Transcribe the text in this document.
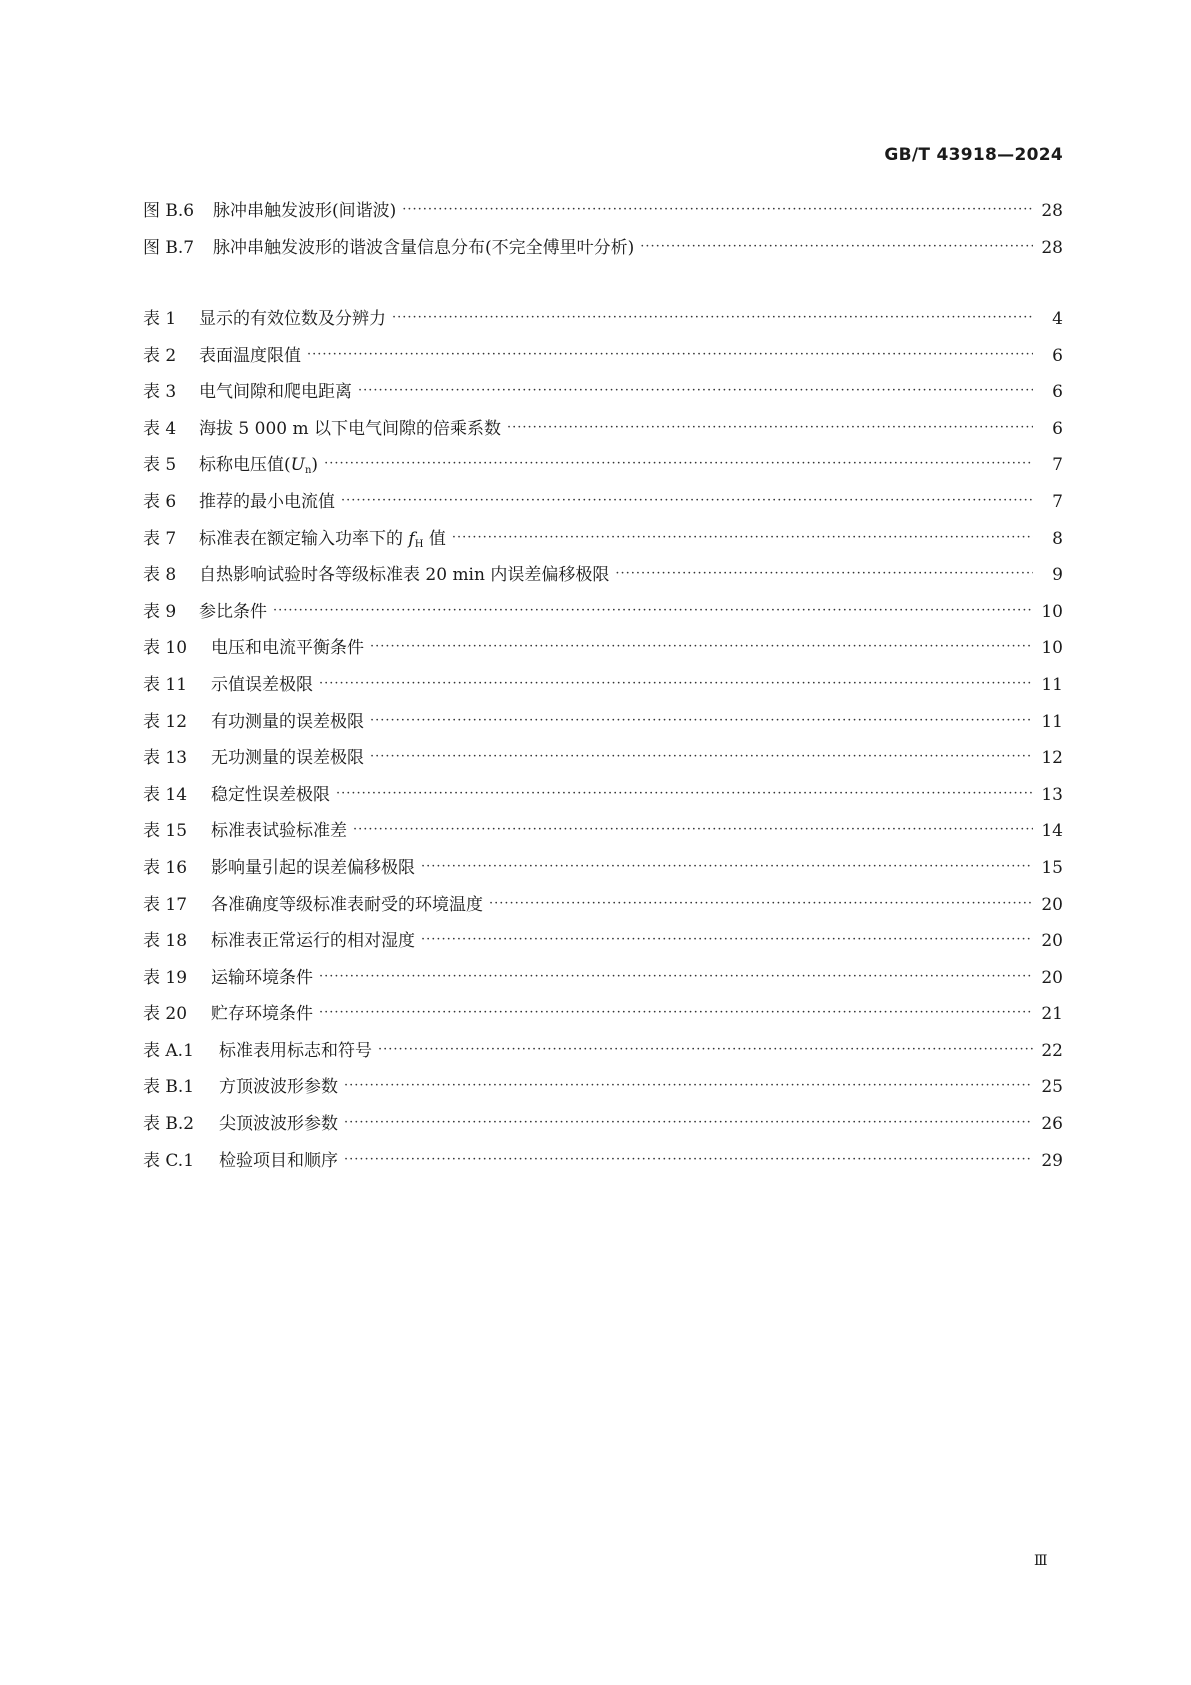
GB/T 43918—2024
图 B.6	脉冲串触发波形(间谐波) ·····	28
图 B.7	脉冲串触发波形的谐波含量信息分布(不完全傅里叶分析) ·····	28
表 1	显示的有效位数及分辨力 ·····	4
表 2	表面温度限值 ·····	6
表 3	电气间隙和爬电距离 ·····	6
表 4	海拔 5 000 m 以下电气间隙的倍乘系数 ·····	6
表 5	标称电压值$(U_n)$ ·····	7
表 6	推荐的最小电流值 ·····	7
表 7	标准表在额定输入功率下的 $f_H$ 值 ·····	8
表 8	自热影响试验时各等级标准表 20 min 内误差偏移极限 ·····	9
表 9	参比条件 ·····	10
表 10	电压和电流平衡条件 ·····	10
表 11	示值误差极限 ·····	11
表 12	有功测量的误差极限 ·····	11
表 13	无功测量的误差极限 ·····	12
表 14	稳定性误差极限 ·····	13
表 15	标准表试验标准差 ·····	14
表 16	影响量引起的误差偏移极限 ·····	15
表 17	各准确度等级标准表耐受的环境温度 ·····	20
表 18	标准表正常运行的相对湿度 ·····	20
表 19	运输环境条件 ·····	20
表 20	贮存环境条件 ·····	21
表 A.1	标准表用标志和符号 ·····	22
表 B.1	方顶波波形参数 ·····	25
表 B.2	尖顶波波形参数 ·····	26
表 C.1	检验项目和顺序 ·····	29
Ⅲ
